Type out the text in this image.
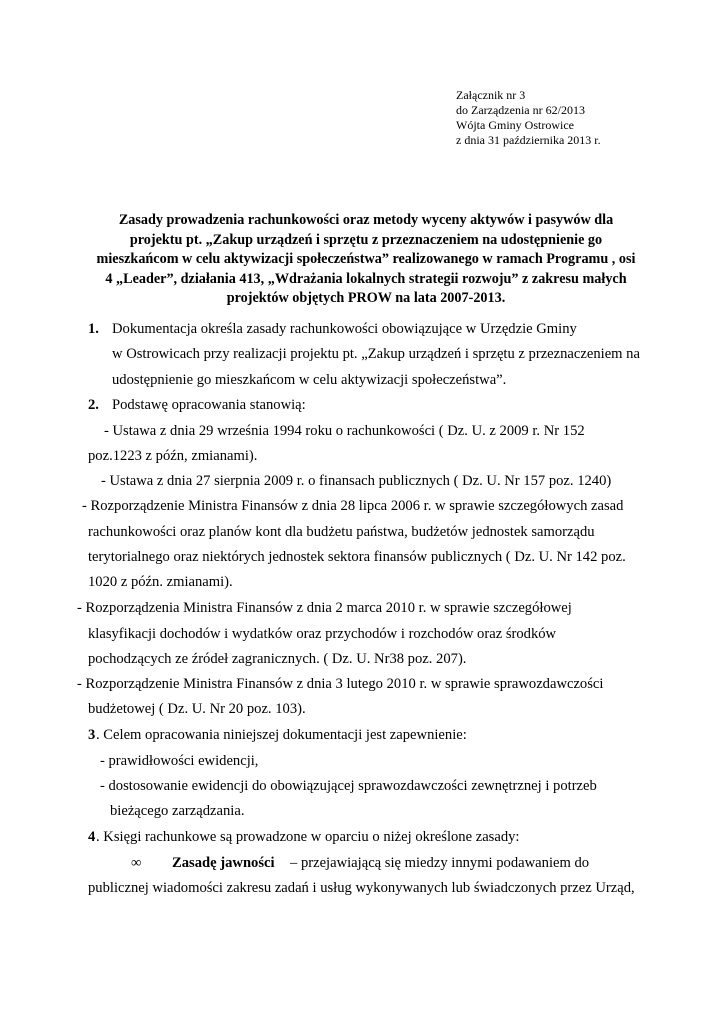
Załącznik nr 3
do Zarządzenia nr 62/2013
Wójta Gminy Ostrowice
z dnia 31 października 2013 r.
Zasady prowadzenia rachunkowości oraz metody wyceny aktywów i pasywów dla
projektu pt. „Zakup urządzeń i sprzętu z przeznaczeniem na udostępnienie go
mieszkańcom w celu aktywizacji społeczeństwa” realizowanego w ramach Programu , osi
4 „Leader”, działania 413, „Wdrażania lokalnych strategii rozwoju” z zakresu małych
projektów objętych PROW na lata 2007-2013.
1. Dokumentacja określa zasady rachunkowości obowiązujące w Urzędzie Gminy
w Ostrowicach przy realizacji projektu pt. „Zakup urządzeń i sprzętu z przeznaczeniem na
udostępnienie go mieszkańcom w celu aktywizacji społeczeństwa”.
2. Podstawę opracowania stanowią:
- Ustawa z dnia 29 września 1994 roku o rachunkowości ( Dz. U. z 2009 r. Nr 152
poz.1223 z późn, zmianami).
- Ustawa z dnia 27 sierpnia 2009 r. o finansach publicznych ( Dz. U. Nr 157 poz. 1240)
- Rozporządzenie Ministra Finansów z dnia 28 lipca 2006 r. w sprawie szczegółowych zasad
rachunkowości oraz planów kont dla budżetu państwa, budżetów jednostek samorządu
terytorialnego oraz niektórych jednostek sektora finansów publicznych ( Dz. U. Nr 142 poz.
1020 z późn. zmianami).
- Rozporządzenia Ministra Finansów z dnia 2 marca 2010 r. w sprawie szczegółowej
klasyfikacji dochodów i wydatków oraz przychodów i rozchodów oraz środków
pochodzących ze źródeł zagranicznych. ( Dz. U. Nr38 poz. 207).
- Rozporządzenie Ministra Finansów z dnia 3 lutego 2010 r. w sprawie sprawozdawczości
budżetowej ( Dz. U. Nr 20 poz. 103).
3 . Celem opracowania niniejszej dokumentacji jest zapewnienie:
- prawidłowości ewidencji,
- dostosowanie ewidencji do obowiązującej sprawozdawczości zewnętrznej i potrzeb
bieżącego zarządzania.
4 . Księgi rachunkowe są prowadzone w oparciu o niżej określone zasady:
∞ Zasadę jawności – przejawiającą się miedzy innymi podawaniem do
publicznej wiadomości zakresu zadań i usług wykonywanych lub świadczonych przez Urząd,
